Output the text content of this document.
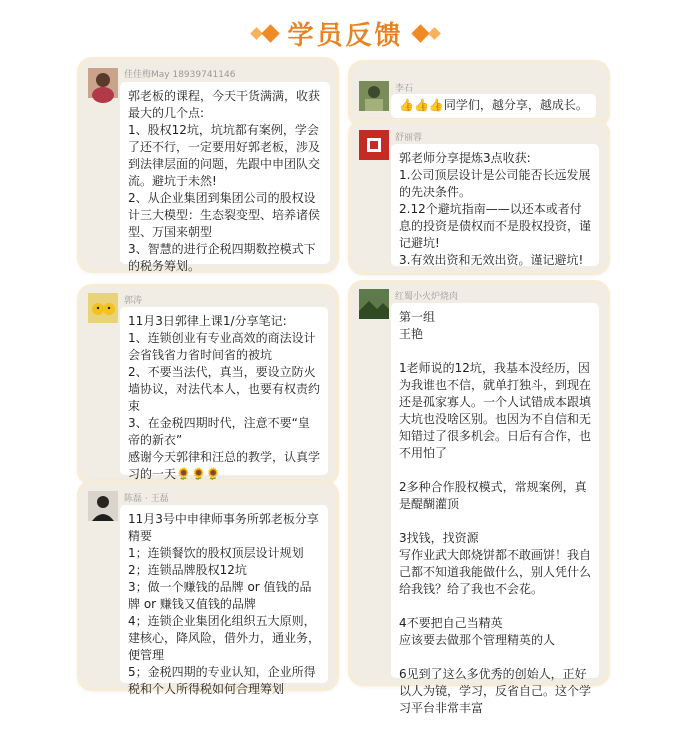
学员反馈
佳佳梅May 18939741146
郭老板的课程，今天干货满满，收获最大的几个点:
1、股权12坑，坑坑都有案例，学会了还不行，一定要用好郭老板，涉及到法律层面的问题，先跟中申团队交流。避坑于未然!
2、从企业集团到集团公司的股权设计三大模型：生态裂变型、培养诸侯型、万国来朝型
3、智慧的进行企税四期数控模式下的税务筹划。
李石
👍👍👍同学们，越分享，越成长。
舒丽蓉
郭老师分享提炼3点收获:
1.公司顶层设计是公司能否长远发展的先决条件。
2.12个避坑指南——以还本或者付息的投资是债权而不是股权投资，谨记避坑!
3.有效出资和无效出资。谨记避坑!
郭涛
11月3日郭律上课1/分享笔记:
1、连锁创业有专业高效的商法设计会省钱省力省时间省的被坑
2、不要当法代，真当，要设立防火墙协议，对法代本人，也要有权责约束
3、在金税四期时代，注意不要“皇帝的新衣”
感谢今天郭律和汪总的教学，认真学习的一天🌻🌻🌻
红蜀小火炉烧肉
第一组
王艳

1老师说的12坑，我基本没经历，因为我谁也不信，就单打独斗，到现在还是孤家寡人。一个人试错成本跟填大坑也没啥区别。也因为不自信和无知错过了很多机会。日后有合作，也不用怕了

2多种合作股权模式，常规案例，真是醍醐灌顶

3找钱，找资源
写作业武大郎烧饼都不敢画饼！我自己都不知道我能做什么，别人凭什么给我钱？给了我也不会花。

4不要把自己当精英
应该要去做那个管理精英的人

6见到了这么多优秀的创始人，正好以人为镜，学习，反省自己。这个学习平台非常丰富
陈磊 · 王磊
11月3号中申律师事务所郭老板分享精要
1；连锁餐饮的股权顶层设计规划
2；连锁品牌股权12坑
3；做一个赚钱的品牌 or 值钱的品牌 or 赚钱又值钱的品牌
4；连锁企业集团化组织五大原则，建核心，降风险，借外力，通业务，便管理
5；金税四期的专业认知，企业所得税和个人所得税如何合理筹划
